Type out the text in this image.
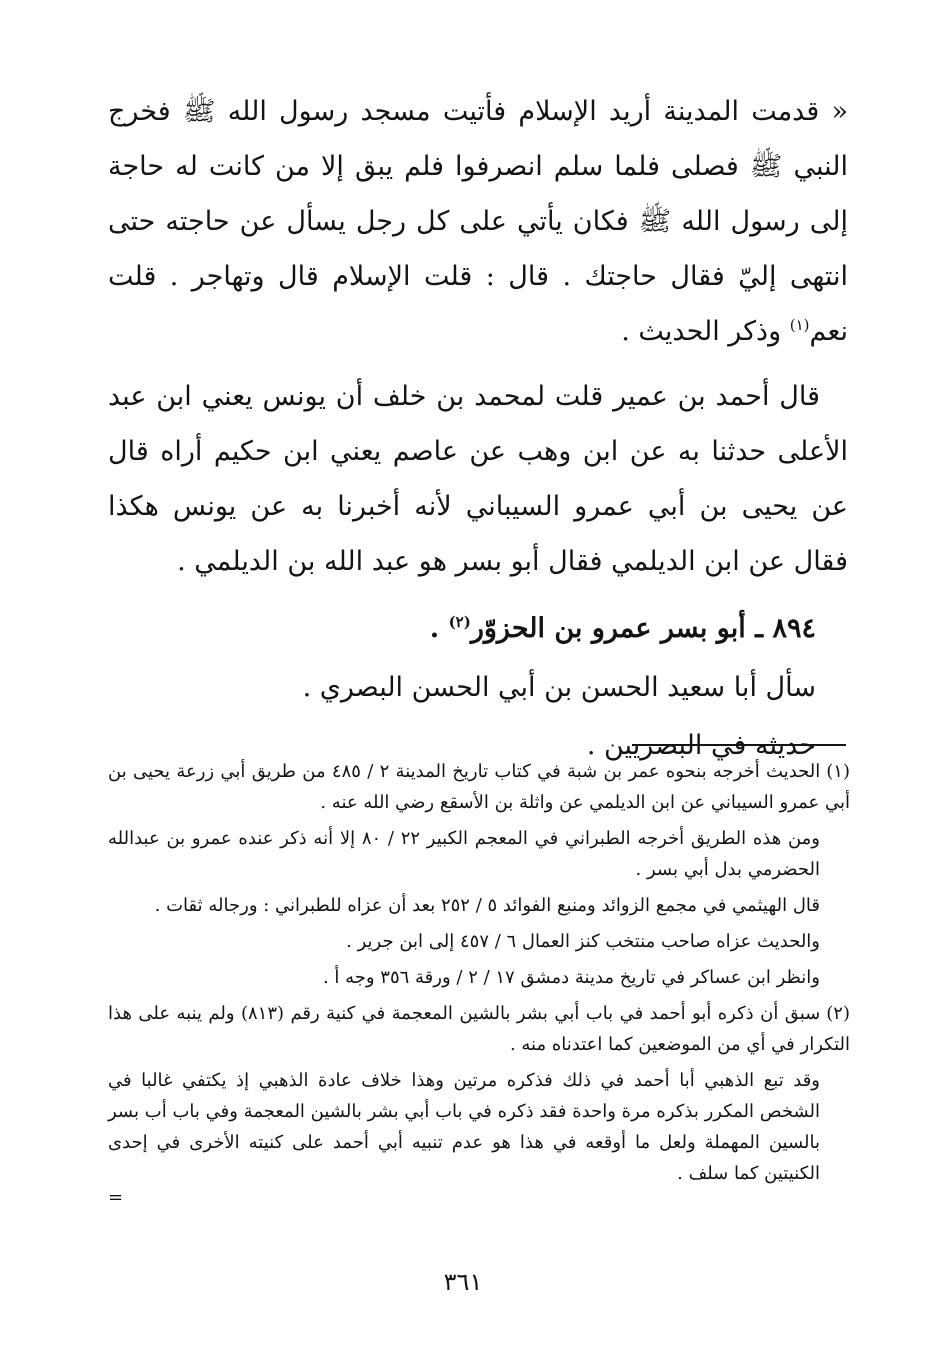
« قدمت المدينة أريد الإسلام فأتيت مسجد رسول الله ﷺ فخرج النبي ﷺ فصلى فلما سلم انصرفوا فلم يبق إلا من كانت له حاجة إلى رسول الله ﷺ فكان يأتي على كل رجل يسأل عن حاجته حتى انتهى إليّ فقال حاجتك . قال : قلت الإسلام قال وتهاجر . قلت نعم$^{(١)}$ وذكر الحديث .

قال أحمد بن عمير قلت لمحمد بن خلف أن يونس يعني ابن عبد الأعلى حدثنا به عن ابن وهب عن عاصم يعني ابن حكيم أراه قال عن يحيى بن أبي عمرو السيباني لأنه أخبرنا به عن يونس هكذا فقال عن ابن الديلمي فقال أبو بسر هو عبد الله بن الديلمي .

٨٩٤ ـ أبو بسر عمرو بن الحزوّر$^{(٢)}$ .

سأل أبا سعيد الحسن بن أبي الحسن البصري .

حديثه في البصريين .

(١)الحديث أخرجه بنحوه عمر بن شبة في كتاب تاريخ المدينة ٢ / ٤٨٥ من طريق أبي زرعة يحيى بن أبي عمرو السيباني عن ابن الديلمي عن واثلة بن الأسقع رضي الله عنه .

ومن هذه الطريق أخرجه الطبراني في المعجم الكبير ٢٢ / ٨٠ إلا أنه ذكر عنده عمرو بن عبدالله الحضرمي بدل أبي بسر .

قال الهيثمي في مجمع الزوائد ومنبع الفوائد ٥ / ٢٥٢ بعد أن عزاه للطبراني : ورجاله ثقات .

والحديث عزاه صاحب منتخب كنز العمال ٦ / ٤٥٧ إلى ابن جرير .

وانظر ابن عساكر في تاريخ مدينة دمشق ١٧ / ٢ / ورقة ٣٥٦ وجه أ .

(٢)سبق أن ذكره أبو أحمد في باب أبي بشر بالشين المعجمة في كنية رقم (٨١٣) ولم ينبه على هذا التكرار في أي من الموضعين كما اعتدناه منه .

وقد تبع الذهبي أبا أحمد في ذلك فذكره مرتين وهذا خلاف عادة الذهبي إذ يكتفي غالبا في الشخص المكرر بذكره مرة واحدة فقد ذكره في باب أبي بشر بالشين المعجمة وفي باب أب بسر بالسين المهملة ولعل ما أوقعه في هذا هو عدم تنبيه أبي أحمد على كنيته الأخرى في إحدى الكنيتين كما سلف .

=

٣٦١
